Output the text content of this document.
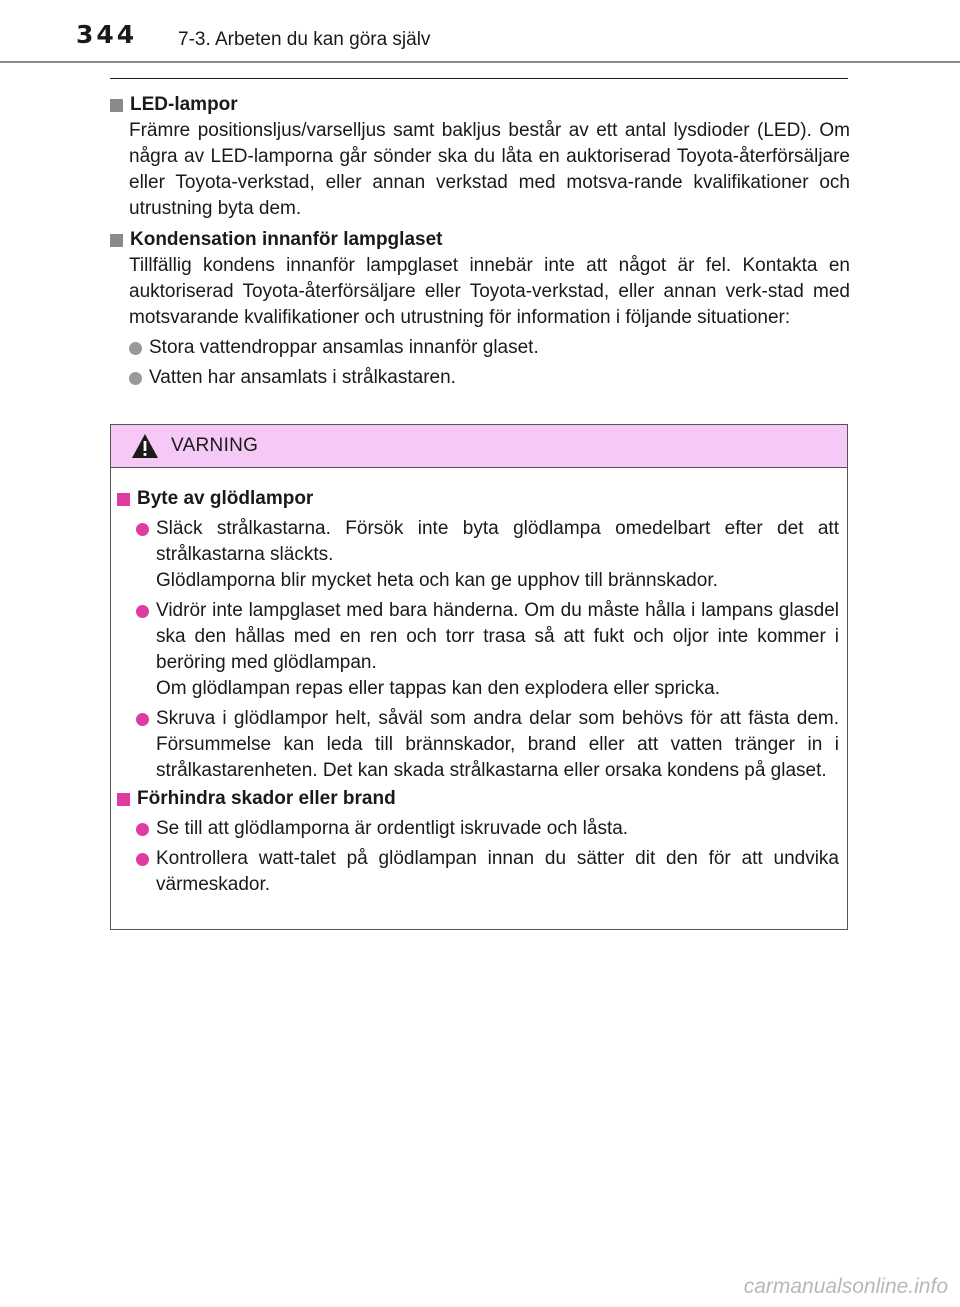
344 7-3. Arbeten du kan göra själv
LED-lampor
Främre positionsljus/varselljus samt bakljus består av ett antal lysdioder (LED). Om några av LED-lamporna går sönder ska du låta en auktoriserad Toyota-återförsäljare eller Toyota-verkstad, eller annan verkstad med motsva-rande kvalifikationer och utrustning byta dem.
Kondensation innanför lampglaset
Tillfällig kondens innanför lampglaset innebär inte att något är fel. Kontakta en auktoriserad Toyota-återförsäljare eller Toyota-verkstad, eller annan verk-stad med motsvarande kvalifikationer och utrustning för information i följande situationer:
Stora vattendroppar ansamlas innanför glaset.
Vatten har ansamlats i strålkastaren.
VARNING
Byte av glödlampor
Släck strålkastarna. Försök inte byta glödlampa omedelbart efter det att strålkastarna släckts.
Glödlamporna blir mycket heta och kan ge upphov till brännskador.
Vidrör inte lampglaset med bara händerna. Om du måste hålla i lampans glasdel ska den hållas med en ren och torr trasa så att fukt och oljor inte kommer i beröring med glödlampan.
Om glödlampan repas eller tappas kan den explodera eller spricka.
Skruva i glödlampor helt, såväl som andra delar som behövs för att fästa dem. Försummelse kan leda till brännskador, brand eller att vatten tränger in i strålkastarenheten. Det kan skada strålkastarna eller orsaka kondens på glaset.
Förhindra skador eller brand
Se till att glödlamporna är ordentligt iskruvade och låsta.
Kontrollera watt-talet på glödlampan innan du sätter dit den för att undvika värmeskador.
carmanualsonline.info
